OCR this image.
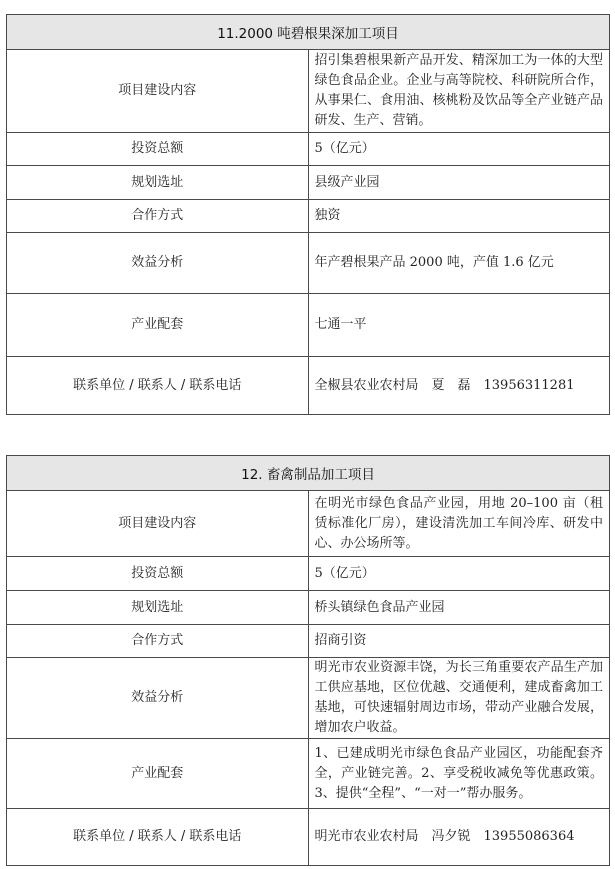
11.2000 吨碧根果深加工项目	
项目建设内容	招引集碧根果新产品开发、精深加工为一体的大型绿色食品企业。企业与高等院校、科研院所合作，从事果仁、食用油、核桃粉及饮品等全产业链产品研发、生产、营销。
投资总额	5（亿元）
规划选址	县级产业园
合作方式	独资
效益分析	年产碧根果产品 2000 吨，产值 1.6 亿元
产业配套	七通一平
联系单位 / 联系人 / 联系电话	全椒县农业农村局　夏　磊　13956311281
12. 畜禽制品加工项目	
项目建设内容	在明光市绿色食品产业园，用地 20–100 亩（租赁标准化厂房），建设清洗加工车间冷库、研发中心、办公场所等。
投资总额	5（亿元）
规划选址	桥头镇绿色食品产业园
合作方式	招商引资
效益分析	明光市农业资源丰饶，为长三角重要农产品生产加工供应基地，区位优越、交通便利，建成畜禽加工基地，可快速辐射周边市场，带动产业融合发展，增加农户收益。
产业配套	1、已建成明光市绿色食品产业园区，功能配套齐全，产业链完善。2、享受税收减免等优惠政策。3、提供“全程”、“一对一”帮办服务。
联系单位 / 联系人 / 联系电话	明光市农业农村局　冯夕锐　13955086364
